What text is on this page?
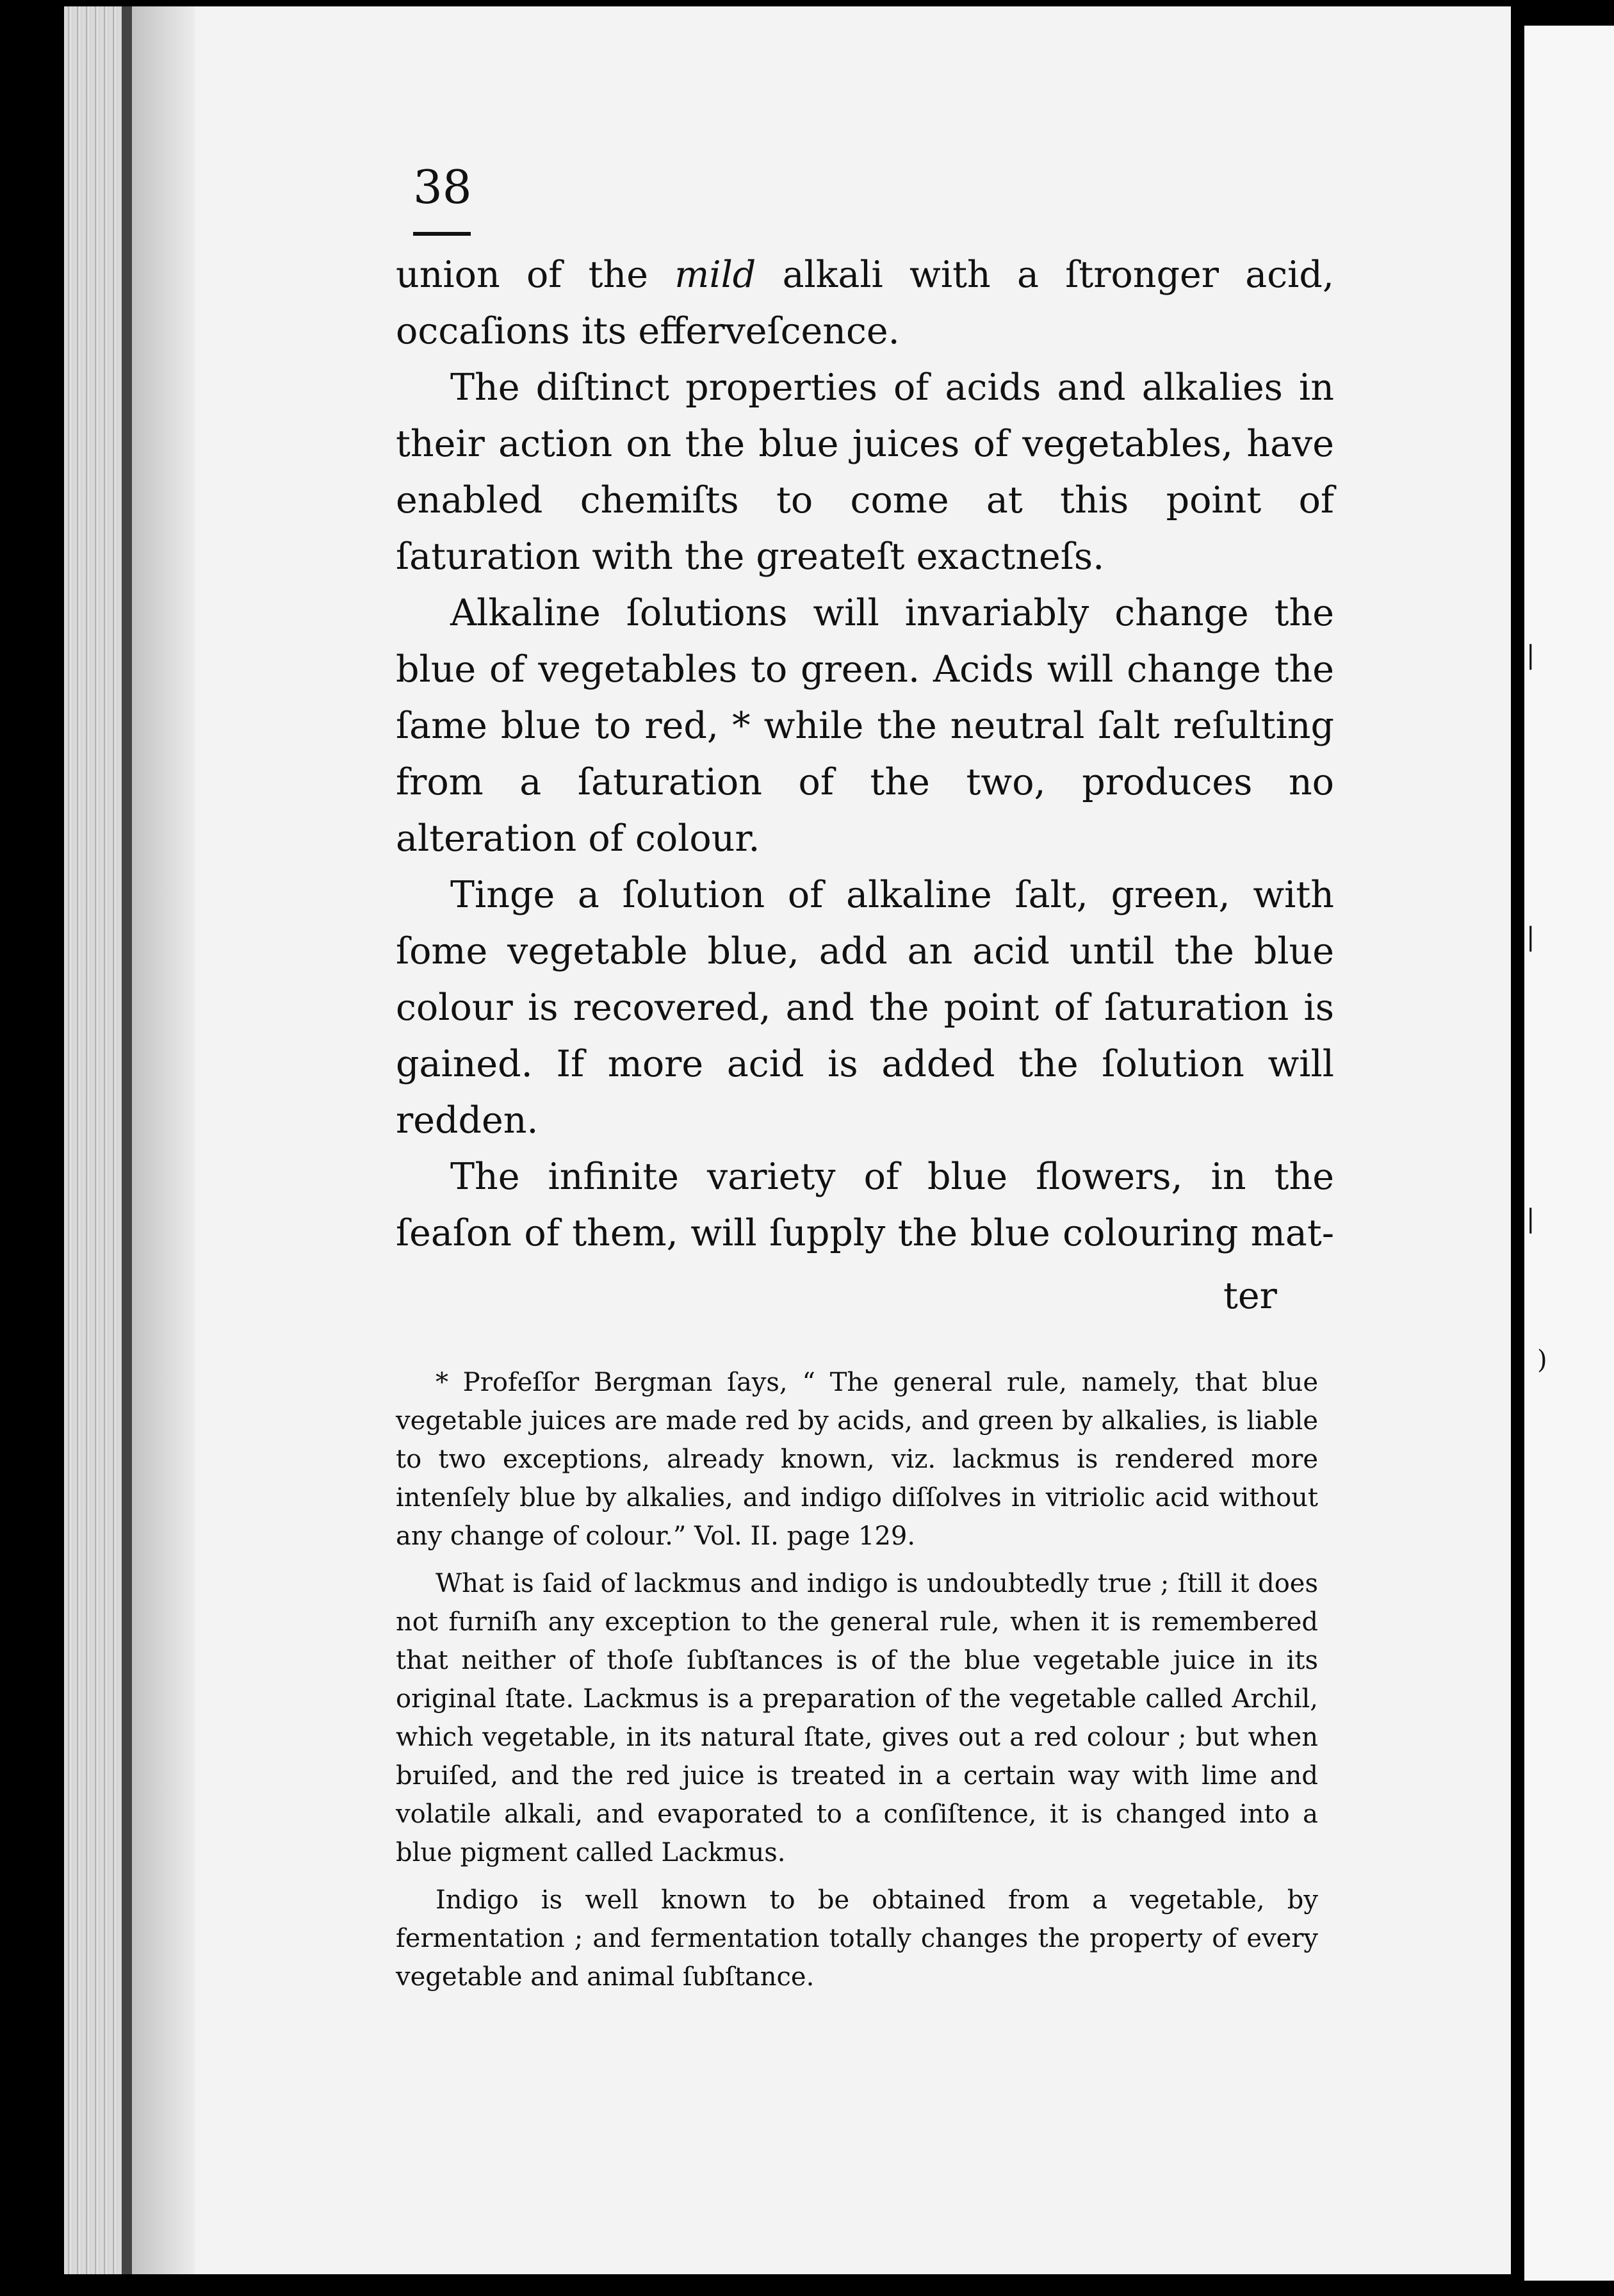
|
|
|
)
38

union of the mild alkali with a ſtronger acid, occaſions its efferveſcence.

The diſtinct properties of acids and alkalies in their action on the blue juices of vegetables, have enabled chemiſts to come at this point of ſaturation with the greateſt exactneſs.

Alkaline ſolutions will invariably change the blue of vegetables to green. Acids will change the ſame blue to red, * while the neutral ſalt reſulting from a ſaturation of the two, produces no alteration of colour.

Tinge a ſolution of alkaline ſalt, green, with ſome vegetable blue, add an acid until the blue colour is recovered, and the point of ſaturation is gained. If more acid is added the ſolution will redden.

The infinite variety of blue flowers, in the ſeaſon of them, will ſupply the blue colouring mat-

ter

* Profeſſor Bergman ſays, “ The general rule, namely, that blue vegetable juices are made red by acids, and green by alkalies, is liable to two exceptions, already known, viz. lackmus is rendered more intenſely blue by alkalies, and indigo diſſolves in vitriolic acid without any change of colour.” Vol. II. page 129.

What is ſaid of lackmus and indigo is undoubtedly true ; ſtill it does not furniſh any exception to the general rule, when it is remembered that neither of thoſe ſubſtances is of the blue vegetable juice in its original ſtate. Lackmus is a preparation of the vegetable called Archil, which vegetable, in its natural ſtate, gives out a red colour ; but when bruiſed, and the red juice is treated in a certain way with lime and volatile alkali, and evaporated to a conſiſtence, it is changed into a blue pigment called Lackmus.

Indigo is well known to be obtained from a vegetable, by fermentation ; and fermentation totally changes the property of every vegetable and animal ſubſtance.
